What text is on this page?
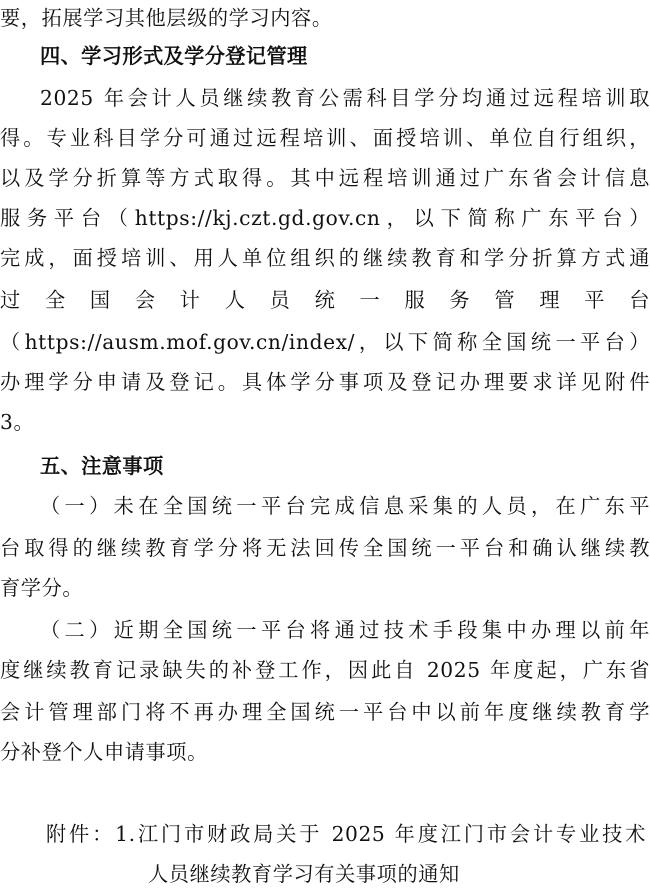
要，拓展学习其他层级的学习内容。
四、学习形式及学分登记管理
2025 年会计人员继续教育公需科目学分均通过远程培训取
得。专业科目学分可通过远程培训、面授培训、单位自行组织，
以及学分折算等方式取得。其中远程培训通过广东省会计信息
服务平台（https://kj.czt.gd.gov.cn，以下简称广东平台）
完成，面授培训、用人单位组织的继续教育和学分折算方式通
过全国会计人员统一服务管理平台
（https://ausm.mof.gov.cn/index/，以下简称全国统一平台）
办理学分申请及登记。具体学分事项及登记办理要求详见附件
3。
五、注意事项
（一）未在全国统一平台完成信息采集的人员，在广东平
台取得的继续教育学分将无法回传全国统一平台和确认继续教
育学分。
（二）近期全国统一平台将通过技术手段集中办理以前年
度继续教育记录缺失的补登工作，因此自 2025 年度起，广东省
会计管理部门将不再办理全国统一平台中以前年度继续教育学
分补登个人申请事项。
附件：1.江门市财政局关于 2025 年度江门市会计专业技术
人员继续教育学习有关事项的通知
